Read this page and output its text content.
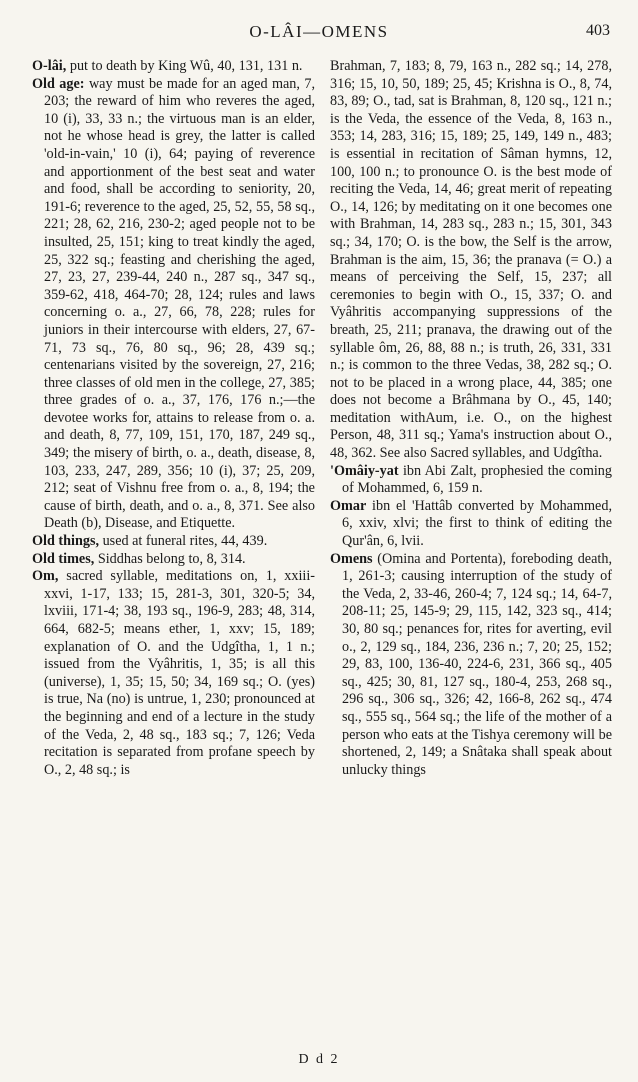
O-LÂI—OMENS	403

O-lâi, put to death by King Wû, 40, 131, 131 n.

Old age: way must be made for an aged man, 7, 203; the reward of him who reveres the aged, 10 (i), 33, 33 n.; the virtuous man is an elder, not he whose head is grey, the latter is called 'old-in-vain,' 10 (i), 64; paying of reverence and apportionment of the best seat and water and food, shall be according to seniority, 20, 191-6; reverence to the aged, 25, 52, 55, 58 sq., 221; 28, 62, 216, 230-2; aged people not to be insulted, 25, 151; king to treat kindly the aged, 25, 322 sq.; feasting and cherishing the aged, 27, 23, 27, 239-44, 240 n., 287 sq., 347 sq., 359-62, 418, 464-70; 28, 124; rules and laws concerning o. a., 27, 66, 78, 228; rules for juniors in their intercourse with elders, 27, 67-71, 73 sq., 76, 80 sq., 96; 28, 439 sq.; centenarians visited by the sovereign, 27, 216; three classes of old men in the college, 27, 385; three grades of o. a., 37, 176, 176 n.;—the devotee works for, attains to release from o. a. and death, 8, 77, 109, 151, 170, 187, 249 sq., 349; the misery of birth, o. a., death, disease, 8, 103, 233, 247, 289, 356; 10 (i), 37; 25, 209, 212; seat of Vishnu free from o. a., 8, 194; the cause of birth, death, and o. a., 8, 371. See also Death (b), Disease, and Etiquette.

Old things, used at funeral rites, 44, 439.

Old times, Siddhas belong to, 8, 314.

Om, sacred syllable, meditations on, 1, xxiii-xxvi, 1-17, 133; 15, 281-3, 301, 320-5; 34, lxviii, 171-4; 38, 193 sq., 196-9, 283; 48, 314, 664, 682-5; means ether, 1, xxv; 15, 189; explanation of O. and the Udgîtha, 1, 1 n.; issued from the Vyâhritis, 1, 35; is all this (universe), 1, 35; 15, 50; 34, 169 sq.; O. (yes) is true, Na (no) is untrue, 1, 230; pronounced at the beginning and end of a lecture in the study of the Veda, 2, 48 sq., 183 sq.; 7, 126; Veda recitation is separated from profane speech by O., 2, 48 sq.; is

Brahman, 7, 183; 8, 79, 163 n., 282 sq.; 14, 278, 316; 15, 10, 50, 189; 25, 45; Krishna is O., 8, 74, 83, 89; O., tad, sat is Brahman, 8, 120 sq., 121 n.; is the Veda, the essence of the Veda, 8, 163 n., 353; 14, 283, 316; 15, 189; 25, 149, 149 n., 483; is essential in recitation of Sâman hymns, 12, 100, 100 n.; to pronounce O. is the best mode of reciting the Veda, 14, 46; great merit of repeating O., 14, 126; by meditating on it one becomes one with Brahman, 14, 283 sq., 283 n.; 15, 301, 343 sq.; 34, 170; O. is the bow, the Self is the arrow, Brahman is the aim, 15, 36; the pranava (= O.) a means of perceiving the Self, 15, 237; all ceremonies to begin with O., 15, 337; O. and Vyâhritis accompanying suppressions of the breath, 25, 211; pranava, the drawing out of the syllable ôm, 26, 88, 88 n.; is truth, 26, 331, 331 n.; is common to the three Vedas, 38, 282 sq.; O. not to be placed in a wrong place, 44, 385; one does not become a Brâhmana by O., 45, 140; meditation withAum, i.e. O., on the highest Person, 48, 311 sq.; Yama's instruction about O., 48, 362. See also Sacred syllables, and Udgîtha.

'Omâiy-yat ibn Abi Zalt, prophesied the coming of Mohammed, 6, 159 n.

Omar ibn el 'Hattâb converted by Mohammed, 6, xxiv, xlvi; the first to think of editing the Qur'ân, 6, lvii.

Omens (Omina and Portenta), foreboding death, 1, 261-3; causing interruption of the study of the Veda, 2, 33-46, 260-4; 7, 124 sq.; 14, 64-7, 208-11; 25, 145-9; 29, 115, 142, 323 sq., 414; 30, 80 sq.; penances for, rites for averting, evil o., 2, 129 sq., 184, 236, 236 n.; 7, 20; 25, 152; 29, 83, 100, 136-40, 224-6, 231, 366 sq., 405 sq., 425; 30, 81, 127 sq., 180-4, 253, 268 sq., 296 sq., 306 sq., 326; 42, 166-8, 262 sq., 474 sq., 555 sq., 564 sq.; the life of the mother of a person who eats at the Tishya ceremony will be shortened, 2, 149; a Snâtaka shall speak about unlucky things

D d 2
